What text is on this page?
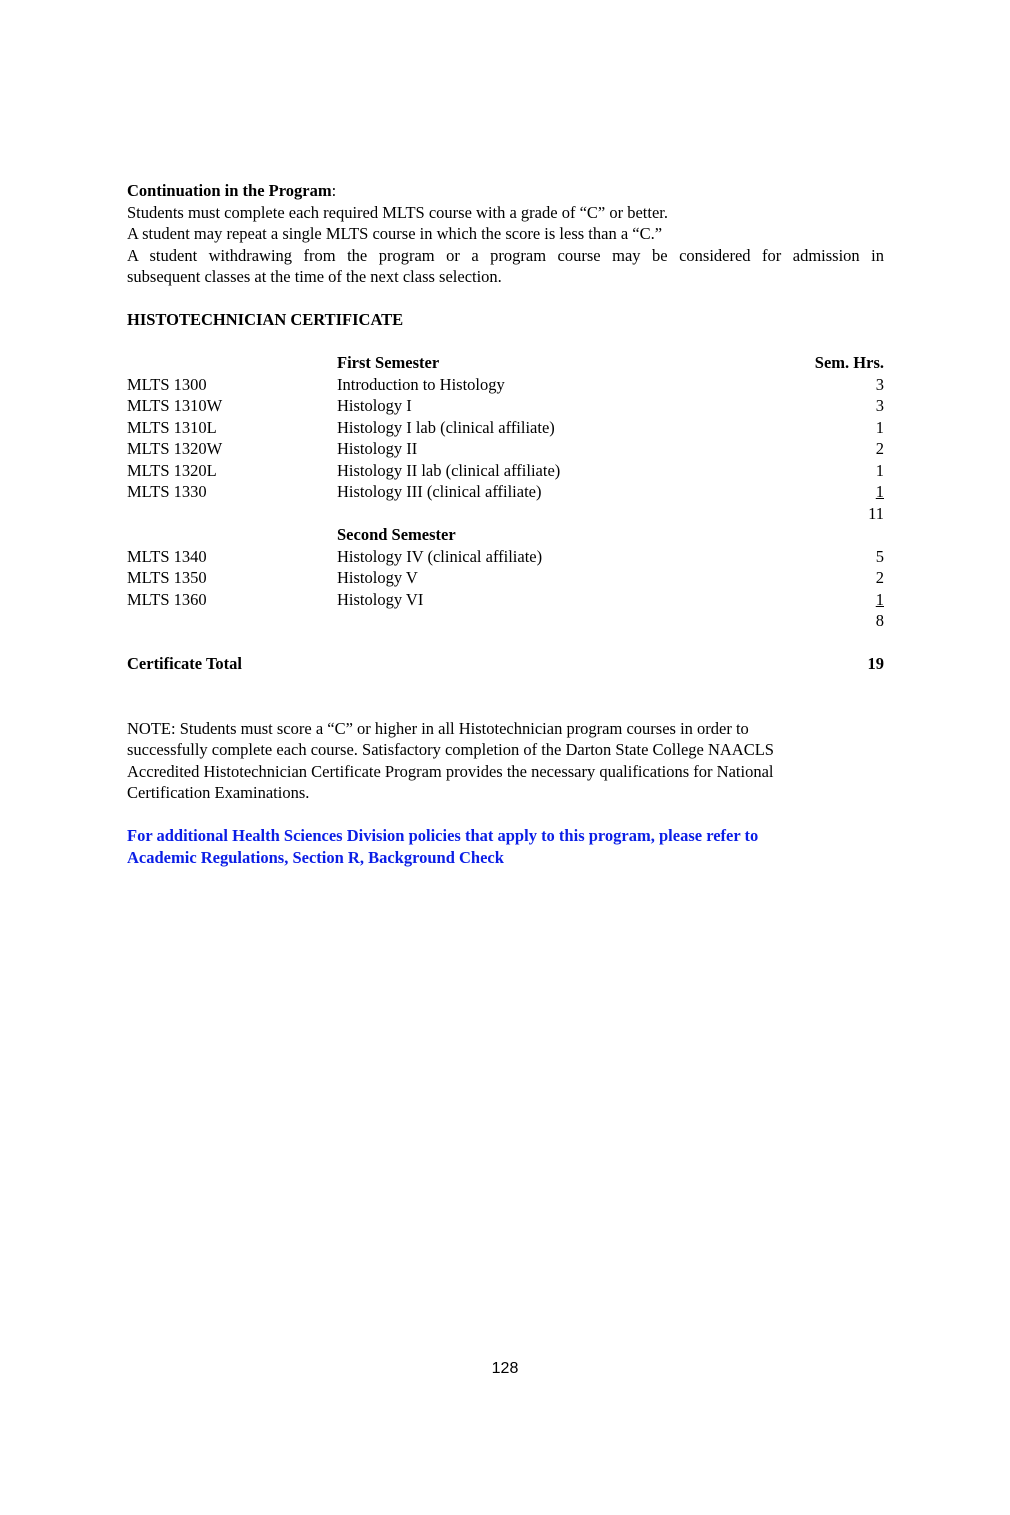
Continuation in the Program:
Students must complete each required MLTS course with a grade of “C” or better.
A student may repeat a single MLTS course in which the score is less than a “C.”
A student withdrawing from the program or a program course may be considered for admission in
subsequent classes at the time of the next class selection.
HISTOTECHNICIAN CERTIFICATE
First Semester	Sem. Hrs.
MLTS 1300	Introduction to Histology	3
MLTS 1310W	Histology I	3
MLTS 1310L	Histology I lab (clinical affiliate)	1
MLTS 1320W	Histology II	2
MLTS 1320L	Histology II lab (clinical affiliate)	1
MLTS 1330	Histology III (clinical affiliate)	1
11
Second Semester
MLTS 1340	Histology IV (clinical affiliate)	5
MLTS 1350	Histology V	2
MLTS 1360	Histology VI	1
8
Certificate Total	19
NOTE: Students must score a “C” or higher in all Histotechnician program courses in order to
successfully complete each course. Satisfactory completion of the Darton State College NAACLS
Accredited Histotechnician Certificate Program provides the necessary qualifications for National
Certification Examinations.
For additional Health Sciences Division policies that apply to this program, please refer to
Academic Regulations, Section R, Background Check
128
